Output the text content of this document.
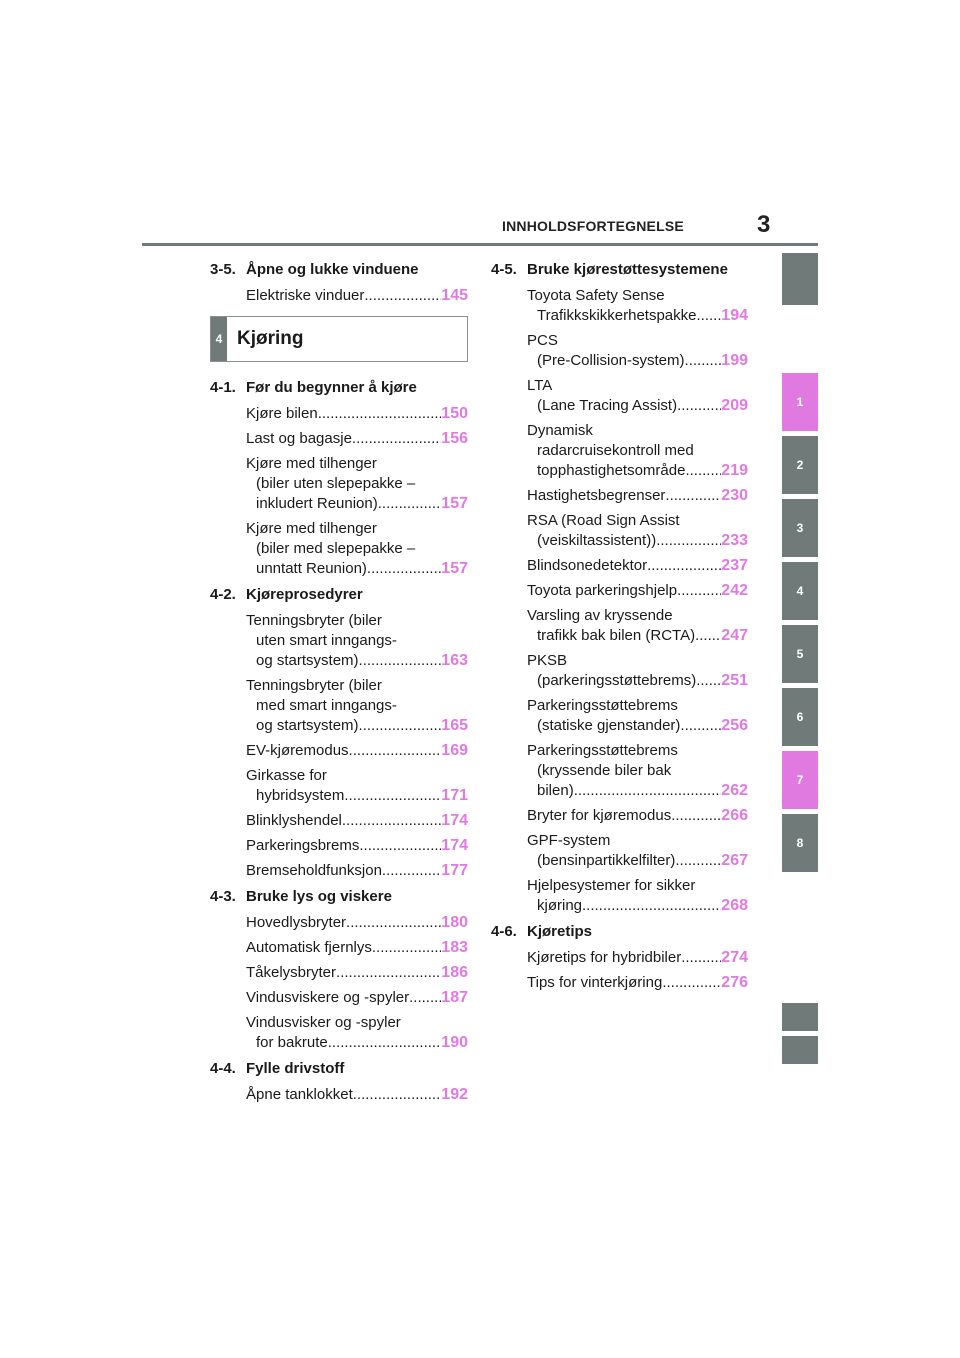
INNHOLDSFORTEGNELSE	3
3-5. Åpne og lukke vinduene
Elektriske vinduer .....	145
4 Kjøring
4-1. Før du begynner å kjøre
Kjøre bilen .....	150
Last og bagasje .....	156
Kjøre med tilhenger
(biler uten slepepakke –
inkludert Reunion) .....	157
Kjøre med tilhenger
(biler med slepepakke –
unntatt Reunion) .....	157
4-2. Kjøreprosedyrer
Tenningsbryter (biler
uten smart inngangs-
og startsystem) .....	163
Tenningsbryter (biler
med smart inngangs-
og startsystem) .....	165
EV-kjøremodus .....	169
Girkasse for
hybridsystem .....	171
Blinklyshendel .....	174
Parkeringsbrems .....	174
Bremseholdfunksjon .....	177
4-3. Bruke lys og viskere
Hovedlysbryter .....	180
Automatisk fjernlys .....	183
Tåkelysbryter .....	186
Vindusviskere og -spyler ..... 187
Vindusvisker og -spyler
for bakrute .....	190
4-4. Fylle drivstoff
Åpne tanklokket .....	192
4-5. Bruke kjørestøttesystemene
Toyota Safety Sense
Trafikkskikkerhetspakke ..... 194
PCS
(Pre-Collision-system) ..... 199
LTA
(Lane Tracing Assist) .....	209
Dynamisk
radarcruisekontroll med
topphastighetsområde ..... 219
Hastighetsbegrenser .....	230
RSA (Road Sign Assist
(veiskiltassistent)) .....	233
Blindsonedetektor .....	237
Toyota parkeringshjelp .....	242
Varsling av kryssende
trafikk bak bilen (RCTA) ..... 247
PKSB
(parkeringsstøttebrems) ..... 251
Parkeringsstøttebrems
(statiske gjenstander) .....	256
Parkeringsstøttebrems
(kryssende biler bak
bilen) .....	262
Bryter for kjøremodus .....	266
GPF-system
(bensinpartikkelfilter) .....	267
Hjelpesystemer for sikker
kjøring .....	268
4-6. Kjøretips
Kjøretips for hybridbiler .....	274
Tips for vinterkjøring .....	276
1
2
3
4
5
6
7
8
